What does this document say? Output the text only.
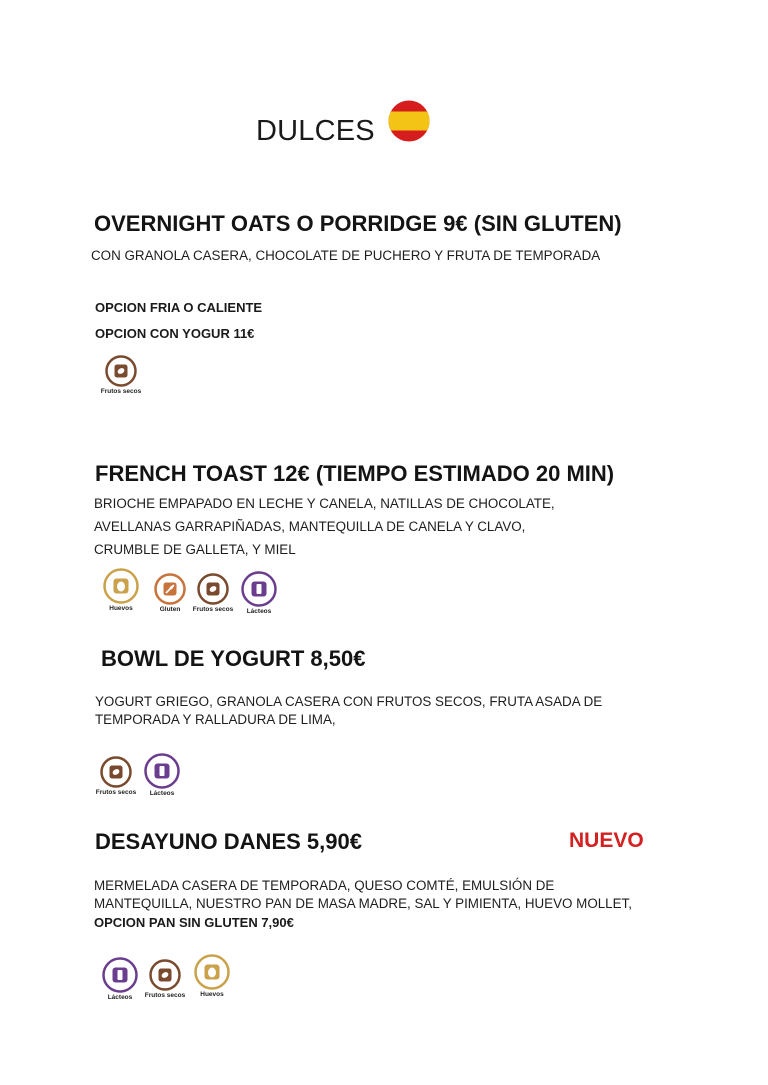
DULCES
OVERNIGHT OATS O PORRIDGE 9€ (SIN GLUTEN)
CON GRANOLA CASERA, CHOCOLATE DE PUCHERO Y FRUTA DE TEMPORADA
OPCION FRIA O CALIENTE
OPCION CON YOGUR 11€
Frutos secos
FRENCH TOAST 12€ (TIEMPO ESTIMADO 20 MIN)
BRIOCHE EMPAPADO EN LECHE Y CANELA, NATILLAS DE CHOCOLATE,
AVELLANAS GARRAPIÑADAS, MANTEQUILLA DE CANELA Y CLAVO,
CRUMBLE DE GALLETA, Y MIEL
Huevos	Gluten	Frutos secos	Lácteos
BOWL DE YOGURT 8,50€
YOGURT GRIEGO, GRANOLA CASERA CON FRUTOS SECOS, FRUTA ASADA DE
TEMPORADA Y RALLADURA DE LIMA,
Frutos secos	Lácteos
DESAYUNO DANES 5,90€	NUEVO
MERMELADA CASERA DE TEMPORADA, QUESO COMTÉ, EMULSIÓN DE
MANTEQUILLA, NUESTRO PAN DE MASA MADRE, SAL Y PIMIENTA, HUEVO MOLLET,
OPCION PAN SIN GLUTEN 7,90€
Lácteos	Frutos secos	Huevos
